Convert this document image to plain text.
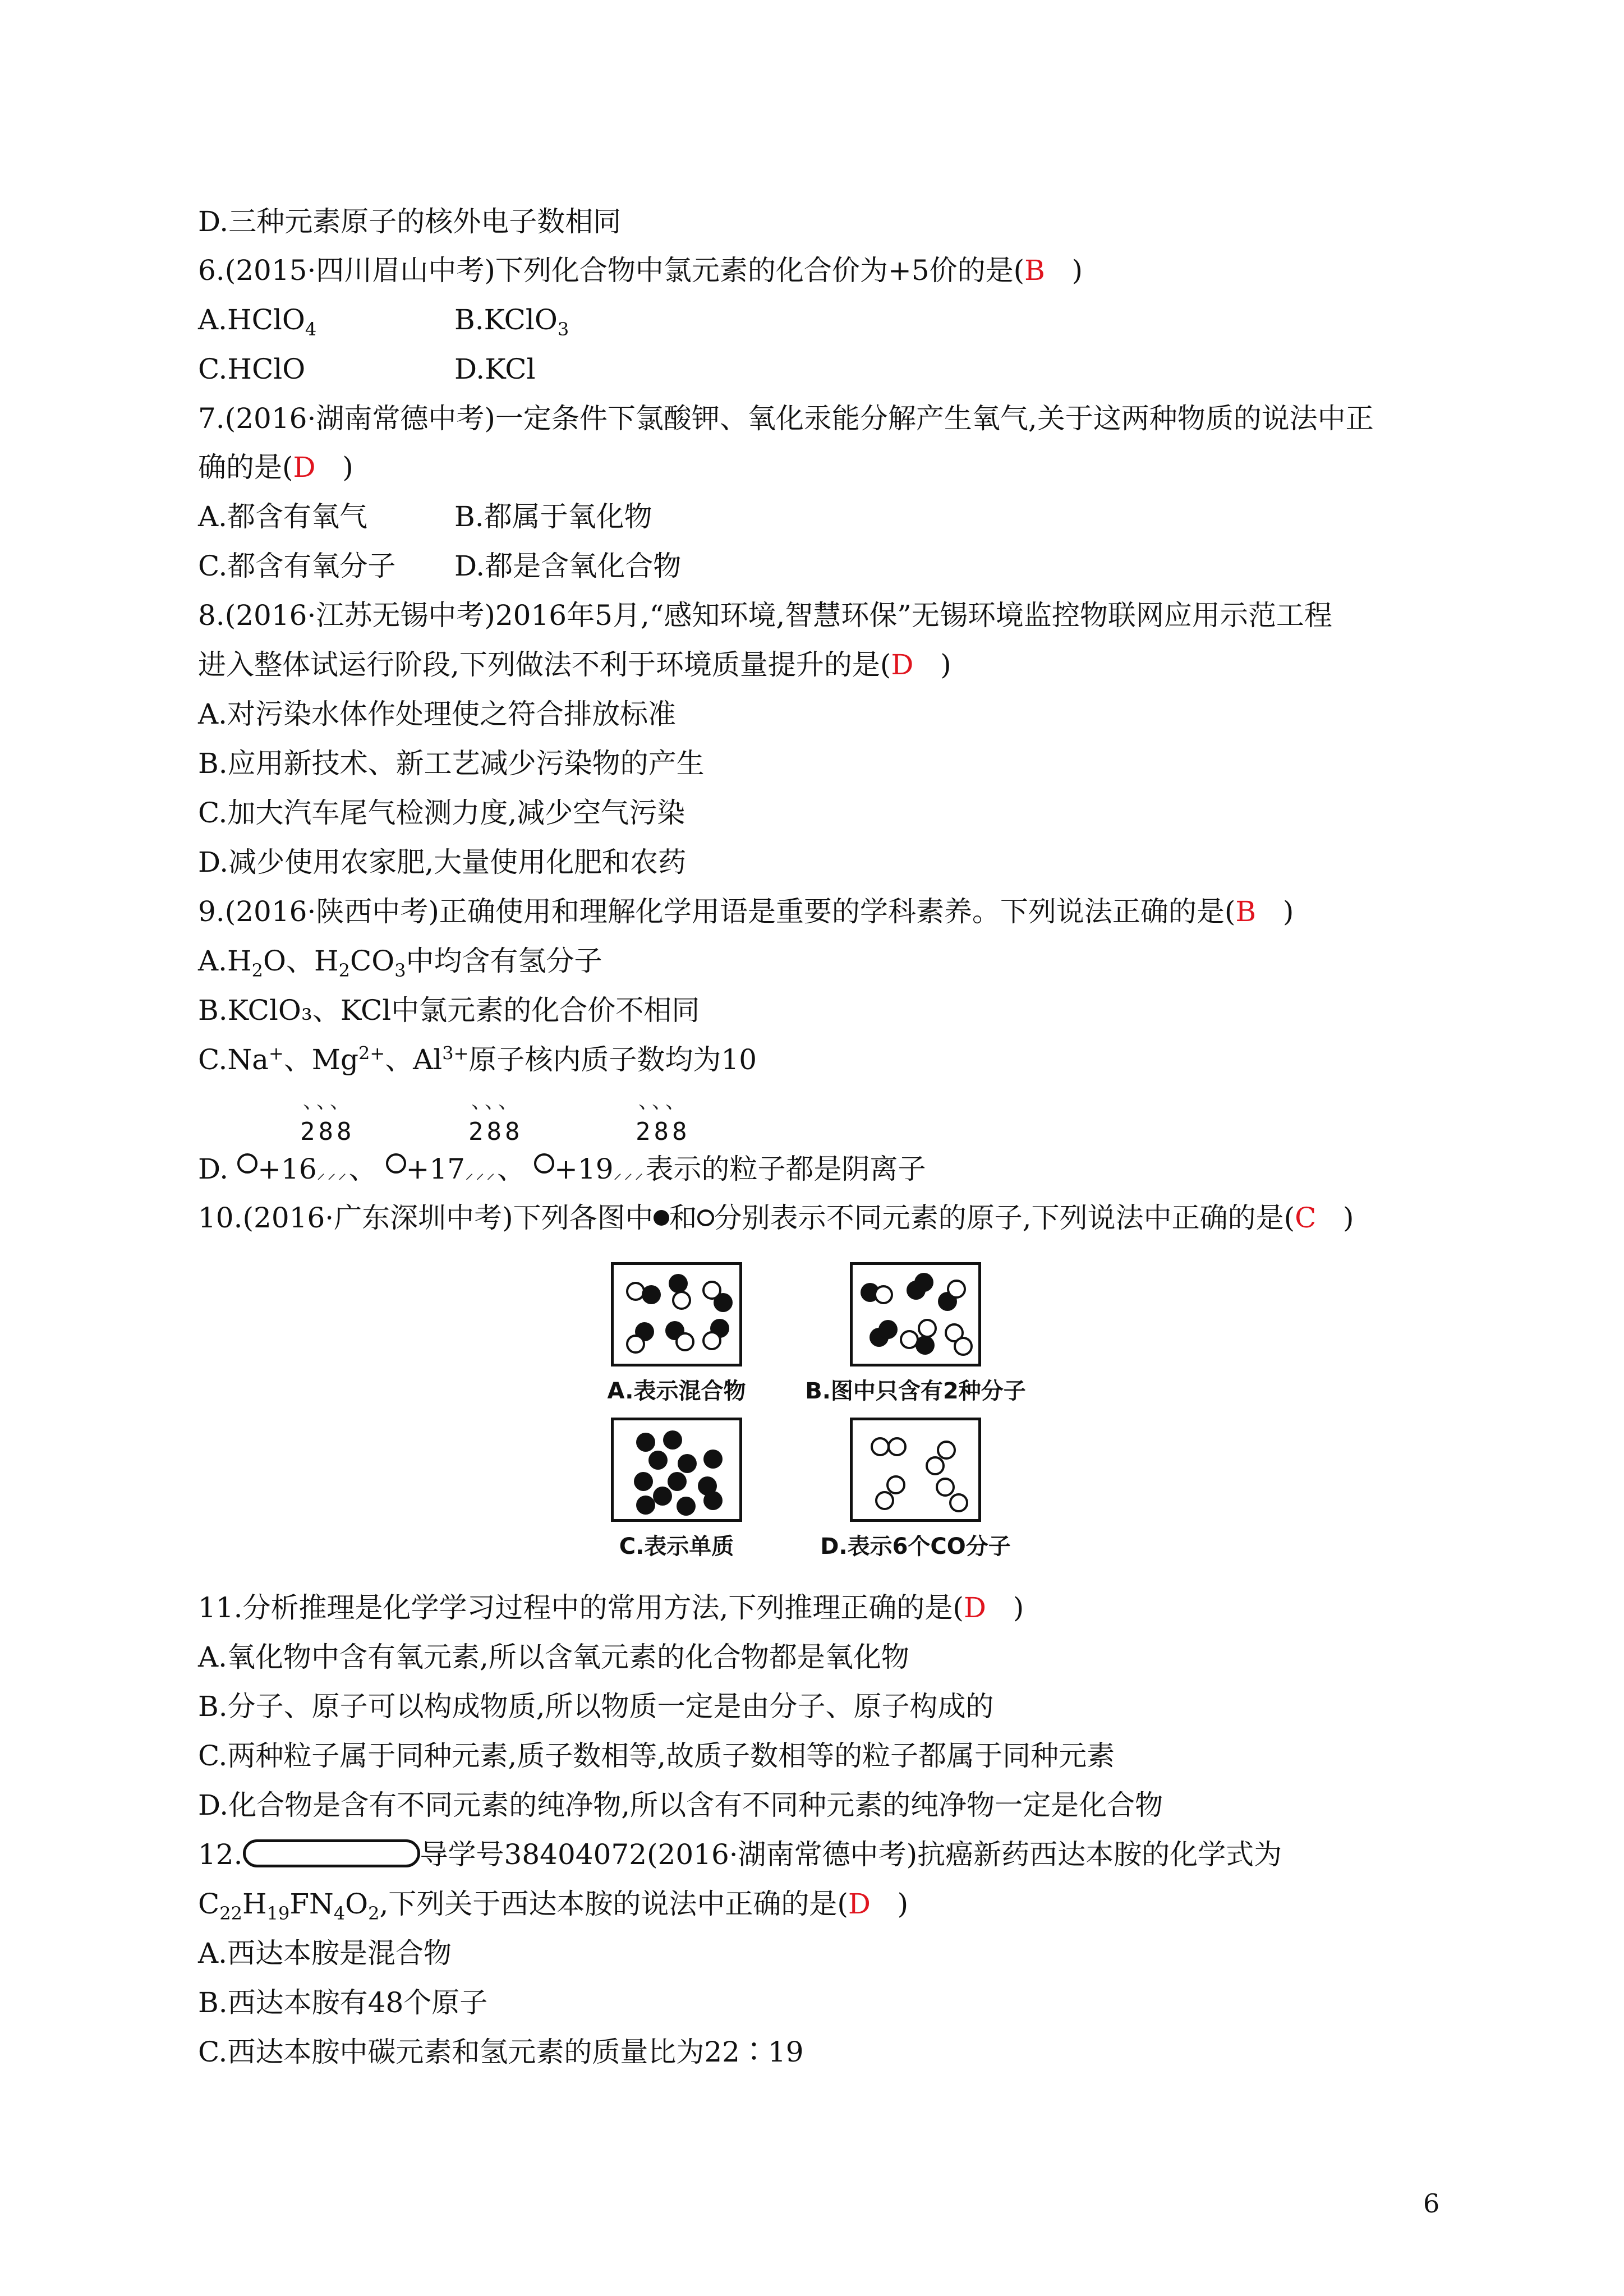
D.三种元素原子的核外电子数相同
6.(2015·四川眉山中考)下列化合物中氯元素的化合价为+5价的是(B )
A.HClO$_4$	B.KClO$_3$
C.HClO	D.KCl
7.(2016·湖南常德中考)一定条件下氯酸钾、氧化汞能分解产生氧气,关于这两种物质的说法中正
确的是(D )
A.都含有氧气	B.都属于氧化物
C.都含有氧分子 D.都是含氧化合物
8.(2016·江苏无锡中考)2016年5月,“感知环境,智慧环保”无锡环境监控物联网应用示范工程
进入整体试运行阶段,下列做法不利于环境质量提升的是(D )
A.对污染水体作处理使之符合排放标准
B.应用新技术、新工艺减少污染物的产生
C.加大汽车尾气检测力度,减少空气污染
D.减少使用农家肥,大量使用化肥和农药
9.(2016·陕西中考)正确使用和理解化学用语是重要的学科素养。下列说法正确的是(B )
$A.H_2O$、$H_2CO_3$中均含有氢分子
B.KClO₃、KCl中氯元素的化合价不相同
C.Na+、$Mg^{2+}$、$Al^{3+}$原子核内质子数均为10
、、、	、、、	、、、
288	288	288
D. +16⸝⸝⸝、 +17⸝⸝⸝、 +19⸝⸝⸝表示的粒子都是阴离子
10.(2016·广东深圳中考)下列各图中 和 分别表示不同元素的原子,下列说法中正确的是(C )
A.表示混合物	B.图中只含有2种分子
C.表示单质	D.表示6个CO分子
11.分析推理是化学学习过程中的常用方法,下列推理正确的是(D )
A.氧化物中含有氧元素,所以含氧元素的化合物都是氧化物
B.分子、原子可以构成物质,所以物质一定是由分子、原子构成的
C.两种粒子属于同种元素,质子数相等,故质子数相等的粒子都属于同种元素
D.化合物是含有不同元素的纯净物,所以含有不同种元素的纯净物一定是化合物
12.	导学号38404072(2016·湖南常德中考)抗癌新药西达本胺的化学式为
$C_{22}H_{19}FN_4O_2$,下列关于西达本胺的说法中正确的是(D )
A.西达本胺是混合物
B.西达本胺有48个原子
C.西达本胺中碳元素和氢元素的质量比为22∶19
6
